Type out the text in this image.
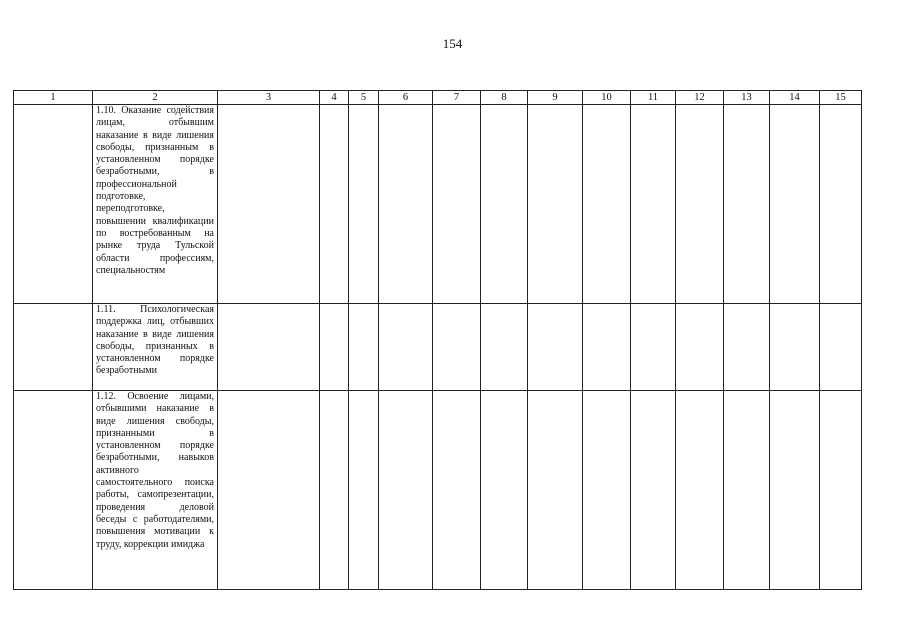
154
1	2	3	4	5	6	7	8	9	10	11	12	13	14	15

	1.10. Оказание содействия лицам, отбывшим наказание в виде лишения свободы, признанным в установленном порядке безработными, в профессиональной подготовке, переподготовке, повышении квалификации по востребованным на рынке труда Тульской области профессиям, специальностям													

	1.11. Психологическая поддержка лиц, отбывших наказание в виде лишения свободы, признанных в установленном порядке безработными													

	1.12. Освоение лицами, отбывшими наказание в виде лишения свободы, признанными в установленном порядке безработными, навыков активного самостоятельного поиска работы, самопрезентации, проведения деловой беседы с работодателями, повышения мотивации к труду, коррекции имиджа													
